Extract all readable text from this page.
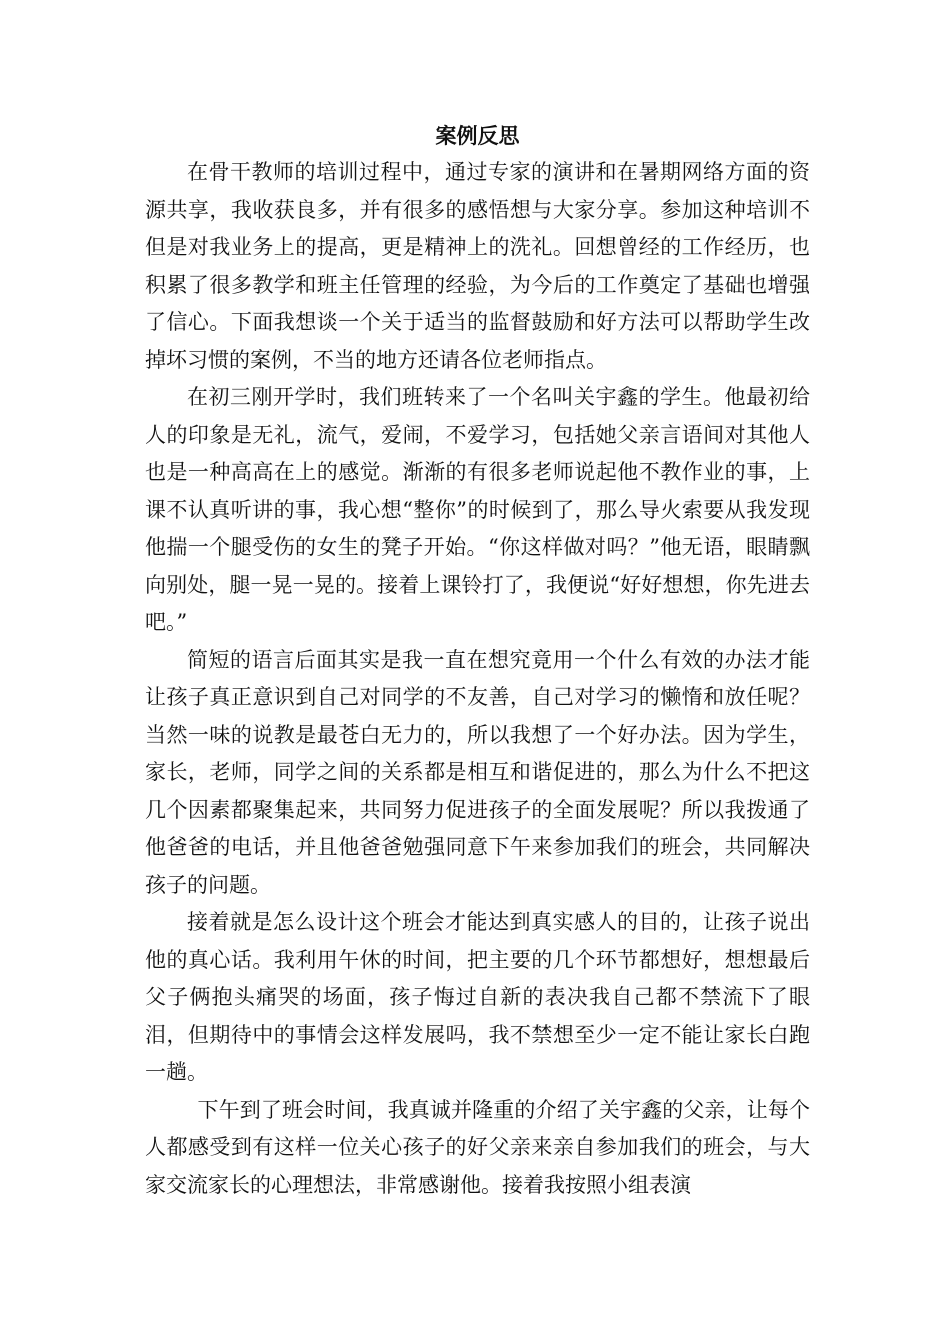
案例反思

在骨干教师的培训过程中，通过专家的演讲和在暑期网络方面的资源共享，我收获良多，并有很多的感悟想与大家分享。参加这种培训不但是对我业务上的提高，更是精神上的洗礼。回想曾经的工作经历，也积累了很多教学和班主任管理的经验，为今后的工作奠定了基础也增强了信心。下面我想谈一个关于适当的监督鼓励和好方法可以帮助学生改掉坏习惯的案例，不当的地方还请各位老师指点。

在初三刚开学时，我们班转来了一个名叫关宇鑫的学生。他最初给人的印象是无礼，流气，爱闹，不爱学习，包括她父亲言语间对其他人也是一种高高在上的感觉。渐渐的有很多老师说起他不教作业的事，上课不认真听讲的事，我心想“整你”的时候到了，那么导火索要从我发现他揣一个腿受伤的女生的凳子开始。“你这样做对吗？”他无语，眼睛飘向别处，腿一晃一晃的。接着上课铃打了，我便说“好好想想，你先进去吧。”

简短的语言后面其实是我一直在想究竟用一个什么有效的办法才能让孩子真正意识到自己对同学的不友善，自己对学习的懒惰和放任呢？当然一味的说教是最苍白无力的，所以我想了一个好办法。因为学生，家长，老师，同学之间的关系都是相互和谐促进的，那么为什么不把这几个因素都聚集起来，共同努力促进孩子的全面发展呢？所以我拨通了他爸爸的电话，并且他爸爸勉强同意下午来参加我们的班会，共同解决孩子的问题。

接着就是怎么设计这个班会才能达到真实感人的目的，让孩子说出他的真心话。我利用午休的时间，把主要的几个环节都想好，想想最后父子俩抱头痛哭的场面，孩子悔过自新的表决我自己都不禁流下了眼泪，但期待中的事情会这样发展吗，我不禁想至少一定不能让家长白跑一趟。

下午到了班会时间，我真诚并隆重的介绍了关宇鑫的父亲，让每个人都感受到有这样一位关心孩子的好父亲来亲自参加我们的班会，与大家交流家长的心理想法，非常感谢他。接着我按照小组表演
